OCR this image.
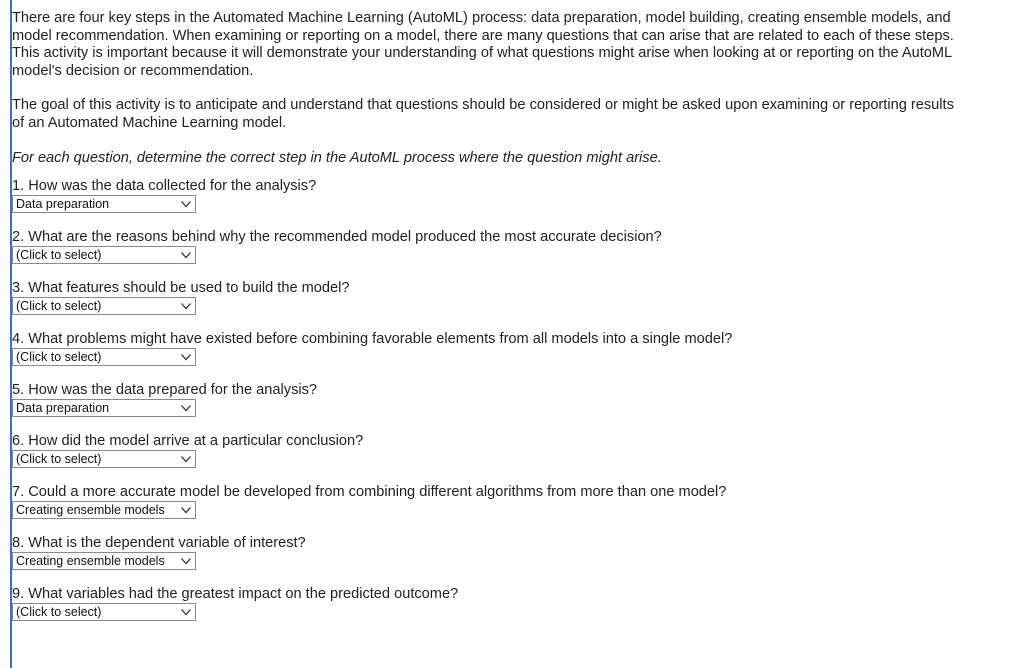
There are four key steps in the Automated Machine Learning (AutoML) process: data preparation, model building, creating ensemble models, and model recommendation. When examining or reporting on a model, there are many questions that can arise that are related to each of these steps. This activity is important because it will demonstrate your understanding of what questions might arise when looking at or reporting on the AutoML model's decision or recommendation.

The goal of this activity is to anticipate and understand that questions should be considered or might be asked upon examining or reporting results of an Automated Machine Learning model.

For each question, determine the correct step in the AutoML process where the question might arise.

1. How was the data collected for the analysis?
Data preparation
2. What are the reasons behind why the recommended model produced the most accurate decision?
(Click to select)
3. What features should be used to build the model?
(Click to select)
4. What problems might have existed before combining favorable elements from all models into a single model?
(Click to select)
5. How was the data prepared for the analysis?
Data preparation
6. How did the model arrive at a particular conclusion?
(Click to select)
7. Could a more accurate model be developed from combining different algorithms from more than one model?
Creating ensemble models
8. What is the dependent variable of interest?
Creating ensemble models
9. What variables had the greatest impact on the predicted outcome?
(Click to select)
